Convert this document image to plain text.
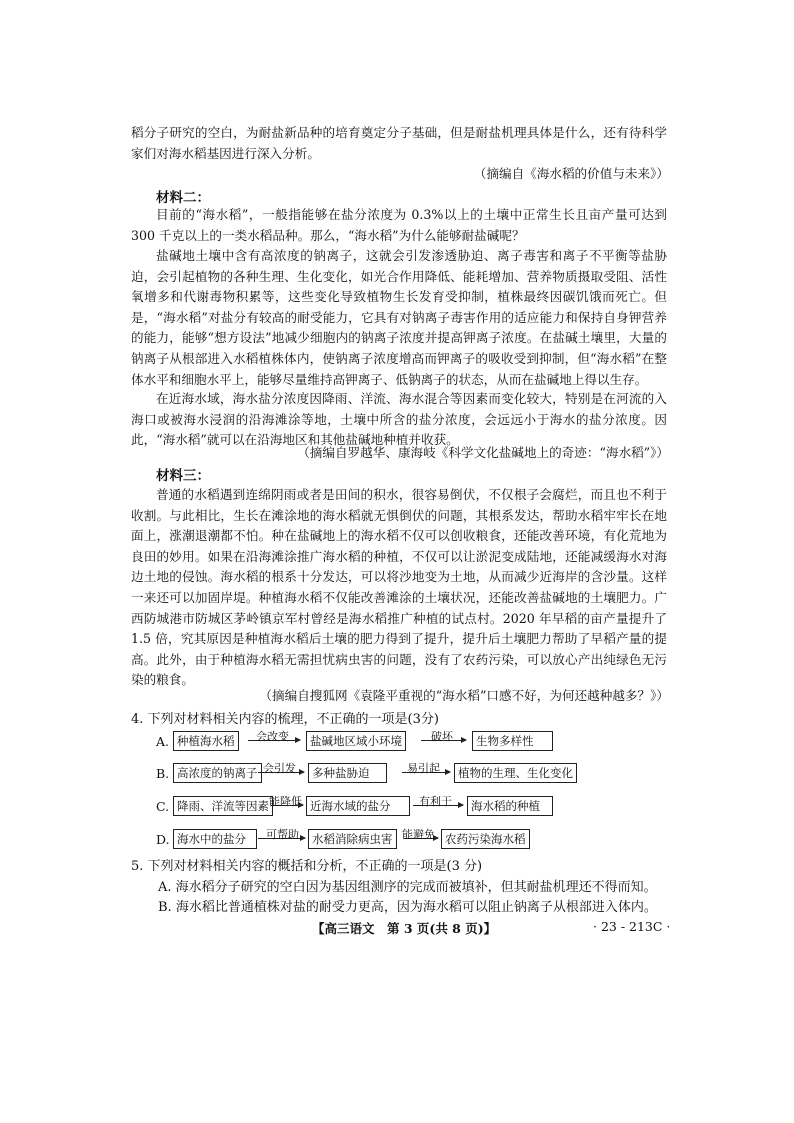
稻分子研究的空白，为耐盐新品种的培育奠定分子基础，但是耐盐机理具体是什么，还有待科学家们对海水稻基因进行深入分析。

（摘编自《海水稻的价值与未来》）

材料二：

目前的“海水稻”，一般指能够在盐分浓度为 0.3%以上的土壤中正常生长且亩产量可达到 300 千克以上的一类水稻品种。那么，“海水稻”为什么能够耐盐碱呢？

盐碱地土壤中含有高浓度的钠离子，这就会引发渗透胁迫、离子毒害和离子不平衡等盐胁迫，会引起植物的各种生理、生化变化，如光合作用降低、能耗增加、营养物质摄取受阻、活性氧增多和代谢毒物积累等，这些变化导致植物生长发育受抑制，植株最终因碳饥饿而死亡。但是，“海水稻”对盐分有较高的耐受能力，它具有对钠离子毒害作用的适应能力和保持自身钾营养的能力，能够“想方设法”地减少细胞内的钠离子浓度并提高钾离子浓度。在盐碱土壤里，大量的钠离子从根部进入水稻植株体内，使钠离子浓度增高而钾离子的吸收受到抑制，但“海水稻”在整体水平和细胞水平上，能够尽量维持高钾离子、低钠离子的状态，从而在盐碱地上得以生存。

在近海水域，海水盐分浓度因降雨、洋流、海水混合等因素而变化较大，特别是在河流的入海口或被海水浸润的沿海滩涂等地，土壤中所含的盐分浓度，会远远小于海水的盐分浓度。因此，“海水稻”就可以在沿海地区和其他盐碱地种植并收获。

（摘编自罗越华、康海岐《科学文化盐碱地上的奇迹：“海水稻”》）

材料三：

普通的水稻遇到连绵阴雨或者是田间的积水，很容易倒伏，不仅根子会腐烂，而且也不利于收割。与此相比，生长在滩涂地的海水稻就无惧倒伏的问题，其根系发达，帮助水稻牢牢长在地面上，涨潮退潮都不怕。种在盐碱地上的海水稻不仅可以创收粮食，还能改善环境，有化荒地为良田的妙用。如果在沿海滩涂推广海水稻的种植，不仅可以让淤泥变成陆地，还能减缓海水对海边土地的侵蚀。海水稻的根系十分发达，可以将沙地变为土地，从而减少近海岸的含沙量。这样一来还可以加固岸堤。种植海水稻不仅能改善滩涂的土壤状况，还能改善盐碱地的土壤肥力。广西防城港市防城区茅岭镇京军村曾经是海水稻推广种植的试点村。2020 年早稻的亩产量提升了 1.5 倍，究其原因是种植海水稻后土壤的肥力得到了提升，提升后土壤肥力帮助了早稻产量的提高。此外，由于种植海水稻无需担忧病虫害的问题，没有了农药污染，可以放心产出纯绿色无污染的粮食。

（摘编自搜狐网《袁隆平重视的“海水稻”口感不好，为何还越种越多？》）

4. 下列对材料相关内容的梳理，不正确的一项是(3分)

A. 种植海水稻	会改变	盐碱地区域小环境	破坏	生物多样性
B. 高浓度的钠离子 会引发	多种盐胁迫	易引起	植物的生理、生化变化
C. 降雨、洋流等因素 能降低 近海水域的盐分	有利于	海水稻的种植
D. 海水中的盐分	可帮助	水稻消除病虫害 能避免 农药污染海水稻

5. 下列对材料相关内容的概括和分析，不正确的一项是(3 分)

A. 海水稻分子研究的空白因为基因组测序的完成而被填补，但其耐盐机理还不得而知。

B. 海水稻比普通植株对盐的耐受力更高，因为海水稻可以阻止钠离子从根部进入体内。

【高三语文　第 3 页(共 8 页)】	· 23 - 213C ·
